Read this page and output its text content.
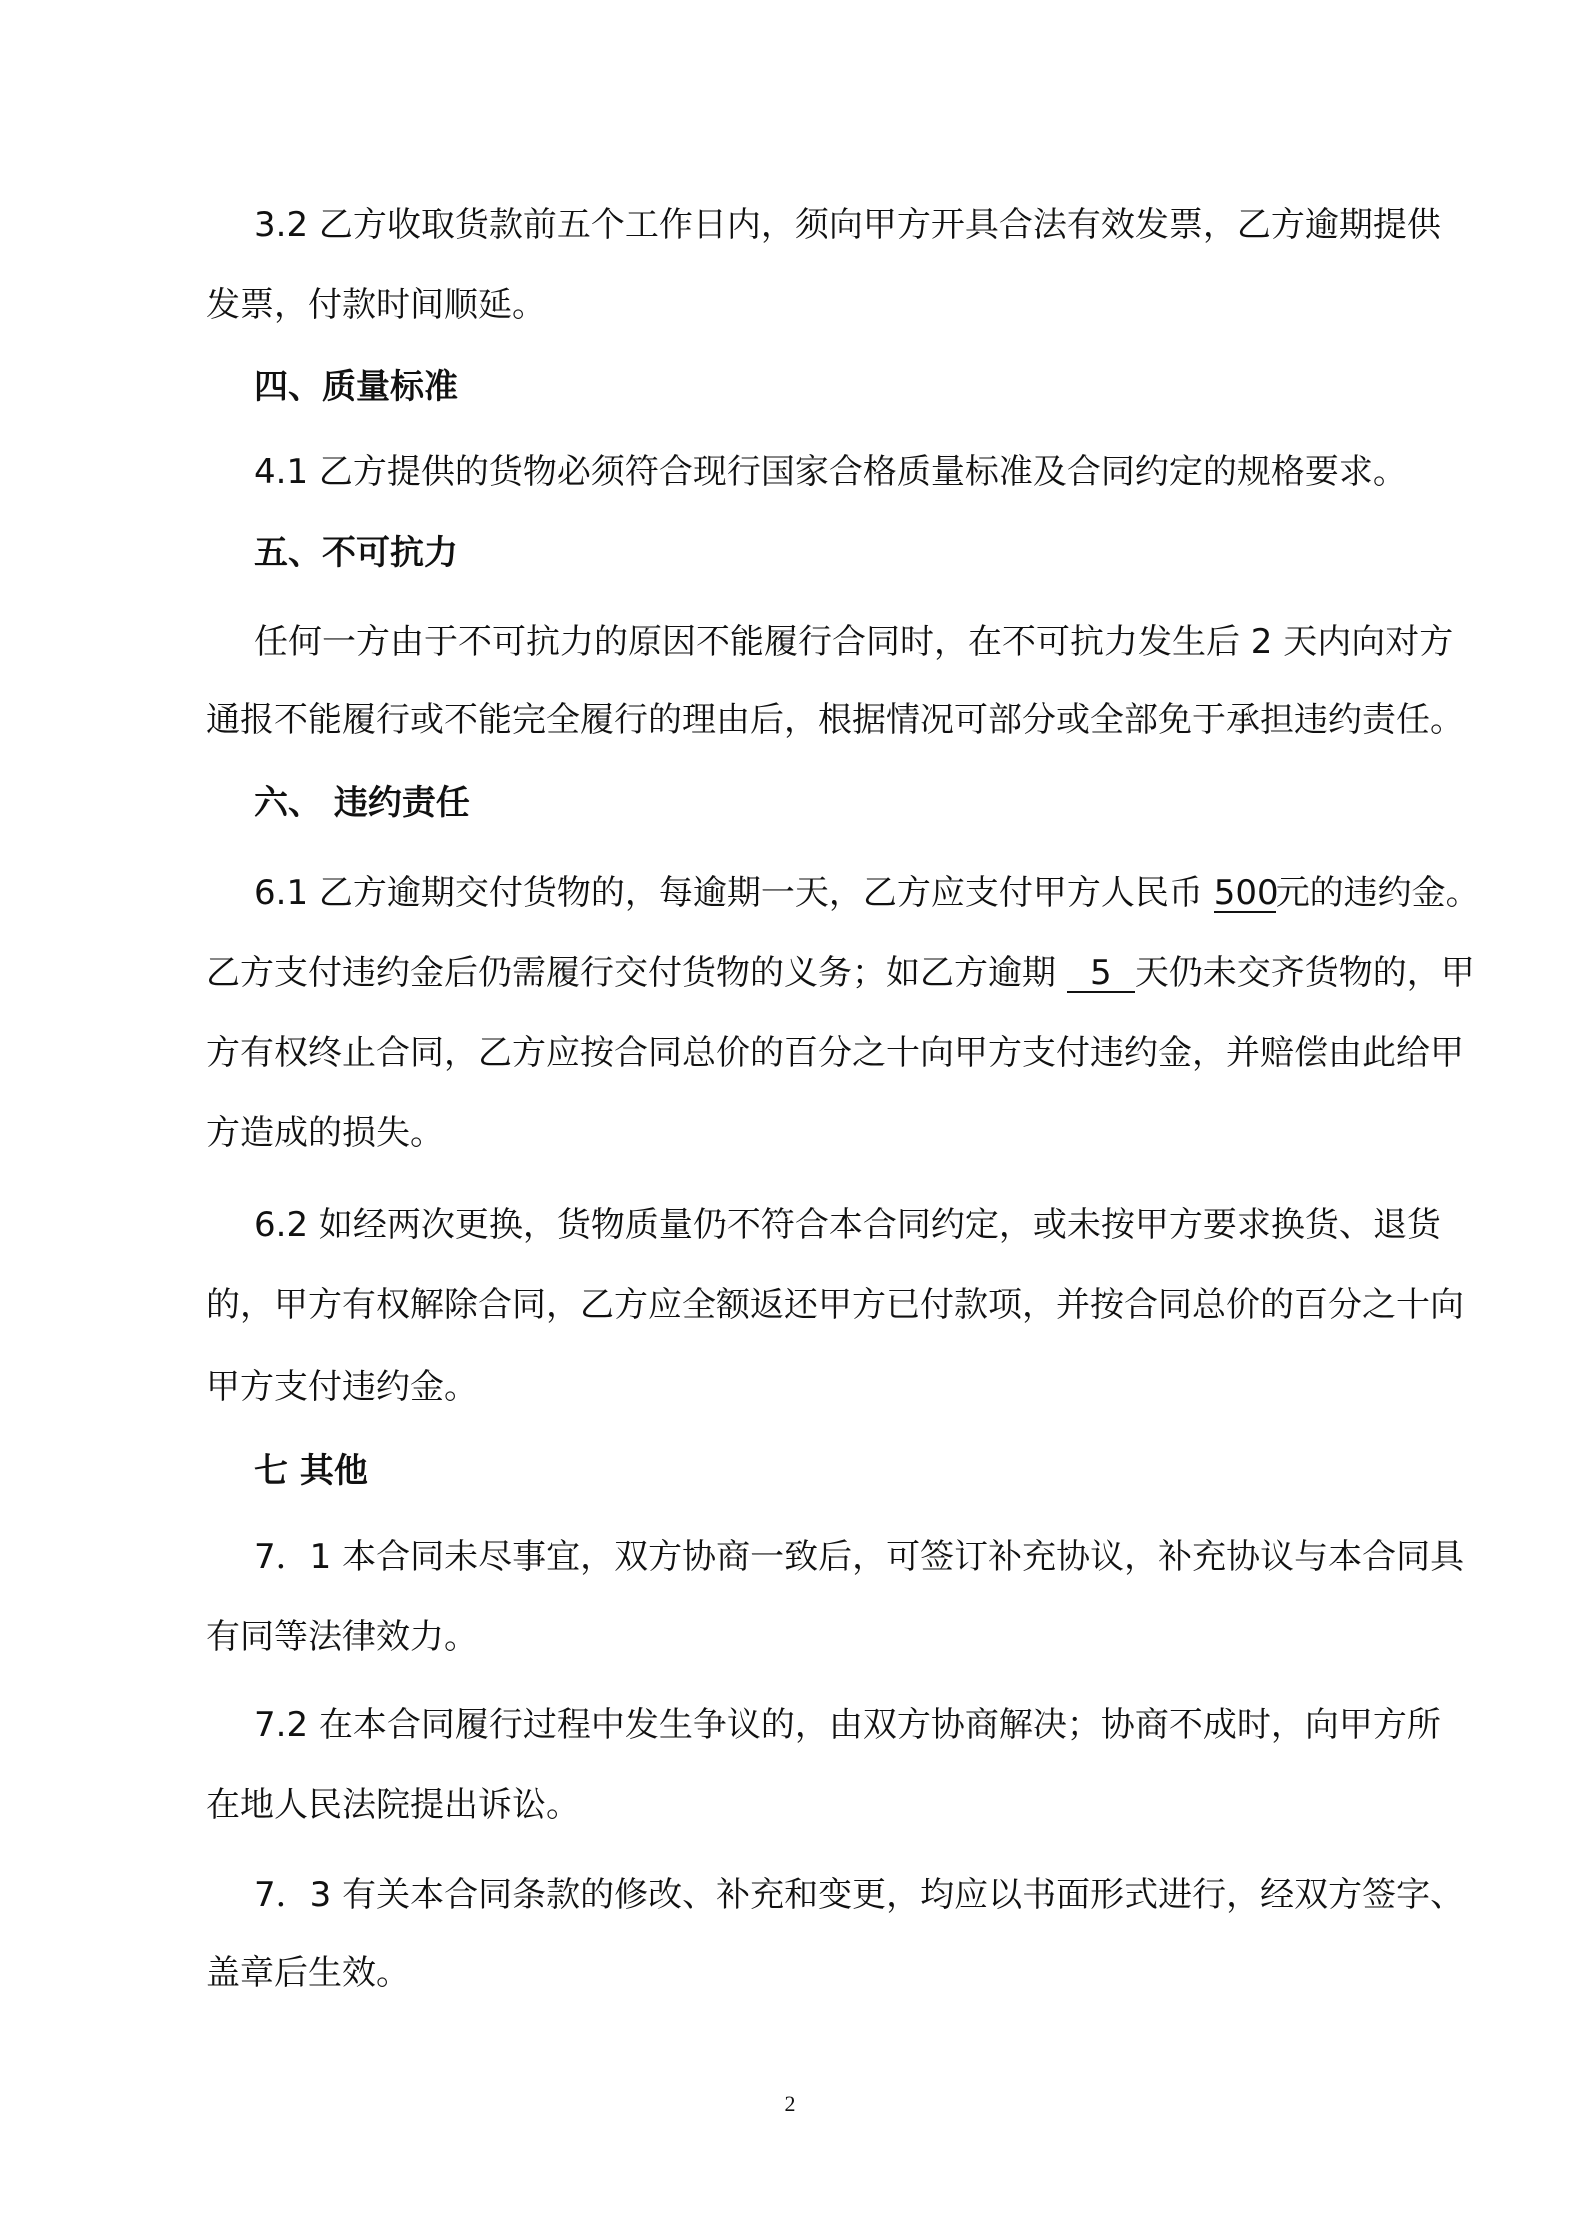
3.2 乙方收取货款前五个工作日内，须向甲方开具合法有效发票，乙方逾期提供
发票，付款时间顺延。
四、质量标准
4.1 乙方提供的货物必须符合现行国家合格质量标准及合同约定的规格要求。
五、不可抗力
任何一方由于不可抗力的原因不能履行合同时，在不可抗力发生后 2 天内向对方
通报不能履行或不能完全履行的理由后，根据情况可部分或全部免于承担违约责任。
六、 违约责任
6.1 乙方逾期交付货物的，每逾期一天，乙方应支付甲方人民币 500元的违约金。
乙方支付违约金后仍需履行交付货物的义务；如乙方逾期 5 天仍未交齐货物的，甲
方有权终止合同，乙方应按合同总价的百分之十向甲方支付违约金，并赔偿由此给甲
方造成的损失。
6.2 如经两次更换，货物质量仍不符合本合同约定，或未按甲方要求换货、退货
的，甲方有权解除合同，乙方应全额返还甲方已付款项，并按合同总价的百分之十向
甲方支付违约金。
七 其他
7．1 本合同未尽事宜，双方协商一致后，可签订补充协议，补充协议与本合同具
有同等法律效力。
7.2 在本合同履行过程中发生争议的，由双方协商解决；协商不成时，向甲方所
在地人民法院提出诉讼。
7．3 有关本合同条款的修改、补充和变更，均应以书面形式进行，经双方签字、
盖章后生效。
2
